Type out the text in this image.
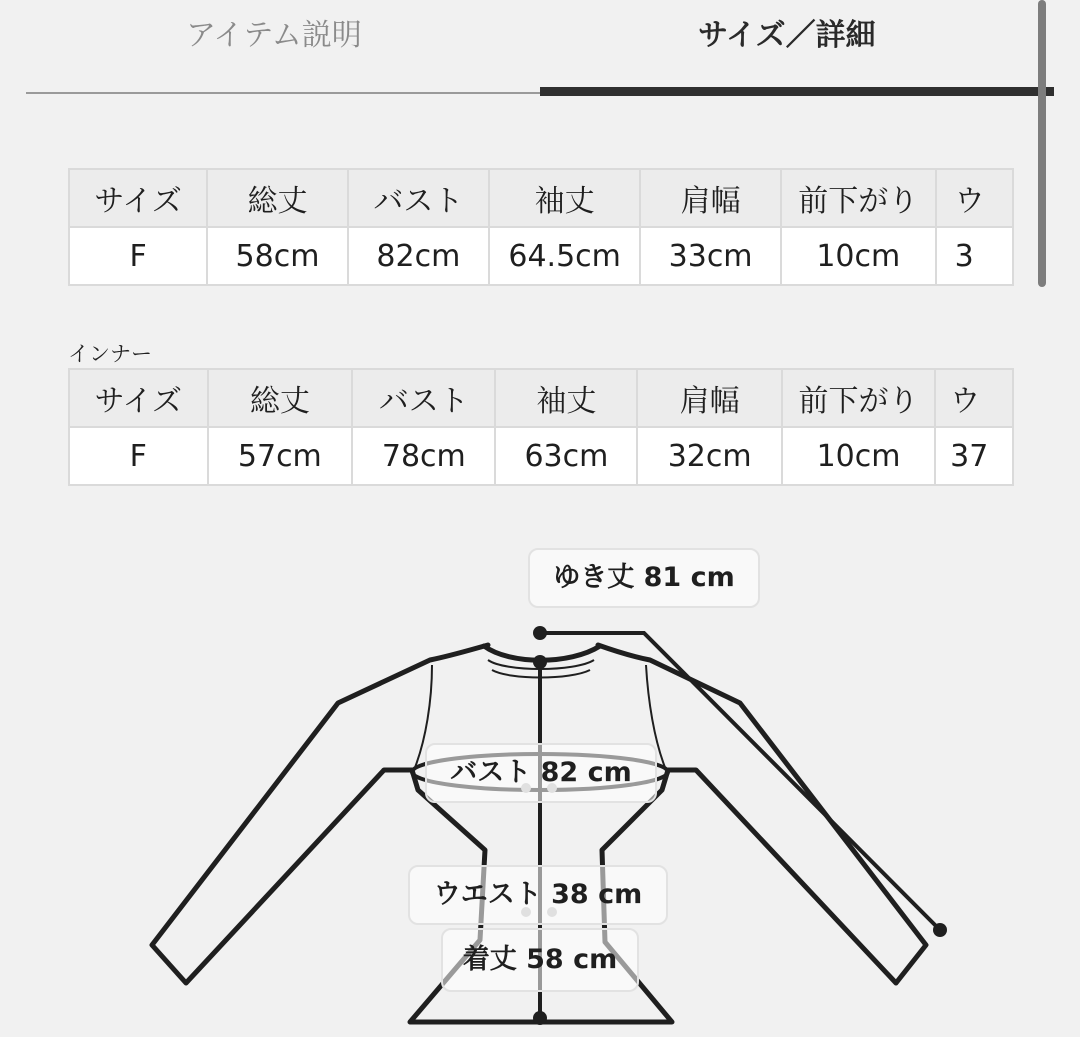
アイテム説明	サイズ／詳細
サイズ	総丈	バスト	袖丈	肩幅	前下がり	ウ
F	58cm	82cm	64.5cm	33cm	10cm	3
インナー
サイズ	総丈	バスト	袖丈	肩幅	前下がり	ウ
F	57cm	78cm	63cm	32cm	10cm	37
ゆき丈 81 cm
バスト 82 cm
ウエスト 38 cm
着丈 58 cm
